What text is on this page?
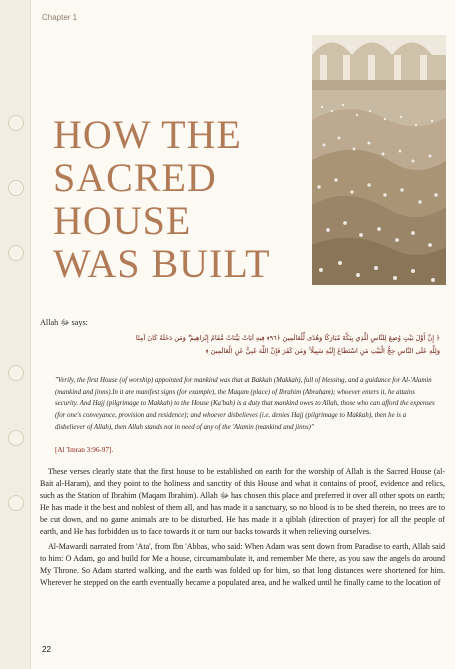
Chapter 1
HOW THE
SACRED
HOUSE
WAS BUILT
Allah ﷻ says:
﴿ إِنَّ أَوَّلَ بَيْتٍ وُضِعَ لِلنَّاسِ لَلَّذِي بِبَكَّةَ مُبَارَكًا وَهُدًى لِّلْعَالَمِينَ ﴿٩٦﴾ فِيهِ آيَاتٌ بَيِّنَاتٌ مَّقَامُ إِبْرَاهِيمَ ۖ وَمَن دَخَلَهُ كَانَ آمِنًا
وَلِلَّهِ عَلَى النَّاسِ حِجُّ الْبَيْتِ مَنِ اسْتَطَاعَ إِلَيْهِ سَبِيلًا ۚ وَمَن كَفَرَ فَإِنَّ اللَّهَ غَنِيٌّ عَنِ الْعَالَمِينَ ﴾
"Verily, the first House (of worship) appointed for mankind was that at Bakkah (Makkah), full of blessing, and a guidance for Al-'Alamin (mankind and jinns).In it are manifest signs (for example), the Maqam (place) of Ibrahim (Abraham); whoever enters it, he attains security. And Hajj (pilgrimage to Makkah) to the House (Ka'bah) is a duty that mankind owes to Allah, those who can afford the expenses (for one's conveyance, provision and residence); and whoever disbelieves (i.e. denies Hajj (pilgrimage to Makkah), then he is a disbeliever of Allah), then Allah stands not in need of any of the 'Alamin (mankind and jinns)"
[Al 'Imran 3:96-97].

These verses clearly state that the first house to be established on earth for the worship of Allah is the Sacred House (al-Bait al-Haram), and they point to the holiness and sanctity of this House and what it contains of proof, evidence and relics, such as the Station of Ibrahim (Maqam Ibrahim). Allah ﷻ has chosen this place and preferred it over all other spots on earth; He has made it the best and noblest of them all, and has made it a sanctuary, so no blood is to be shed therein, no trees are to be cut down, and no game animals are to be disturbed. He has made it a qiblah (direction of prayer) for all the people of earth, and He has forbidden us to face towards it or turn our backs towards it when relieving ourselves.

Al-Mawardi narrated from 'Ata', from Ibn 'Abbas, who said: When Adam was sent down from Paradise to earth, Allah said to him: O Adam, go and build for Me a house, circumambulate it, and remember Me there, as you saw the angels do around My Throne. So Adam started walking, and the earth was folded up for him, so that long distances were shortened for him. Wherever he stepped on the earth eventually became a populated area, and he walked until he finally came to the location of

22
